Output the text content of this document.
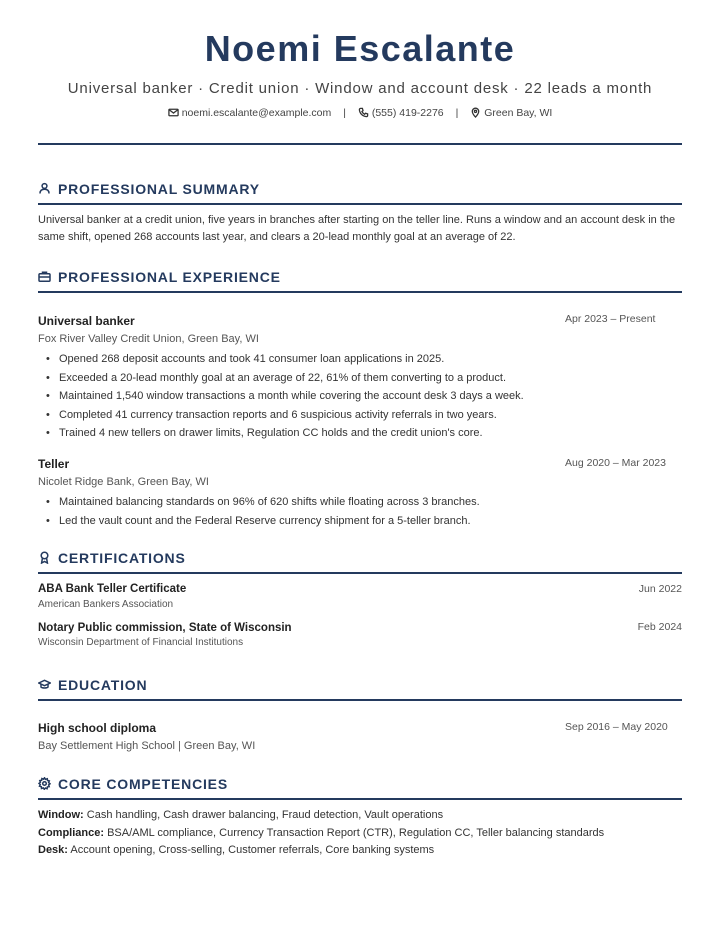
Noemi Escalante
Universal banker · Credit union · Window and account desk · 22 leads a month
noemi.escalante@example.com | (555) 419-2276 | Green Bay, WI
PROFESSIONAL SUMMARY
Universal banker at a credit union, five years in branches after starting on the teller line. Runs a window and an account desk in the same shift, opened 268 accounts last year, and clears a 20-lead monthly goal at an average of 22.
PROFESSIONAL EXPERIENCE
Universal banker	Apr 2023 – Present
Fox River Valley Credit Union, Green Bay, WI
• Opened 268 deposit accounts and took 41 consumer loan applications in 2025.
• Exceeded a 20-lead monthly goal at an average of 22, 61% of them converting to a product.
• Maintained 1,540 window transactions a month while covering the account desk 3 days a week.
• Completed 41 currency transaction reports and 6 suspicious activity referrals in two years.
• Trained 4 new tellers on drawer limits, Regulation CC holds and the credit union's core.
Teller	Aug 2020 – Mar 2023
Nicolet Ridge Bank, Green Bay, WI
• Maintained balancing standards on 96% of 620 shifts while floating across 3 branches.
• Led the vault count and the Federal Reserve currency shipment for a 5-teller branch.
CERTIFICATIONS
ABA Bank Teller Certificate	Jun 2022
American Bankers Association
Notary Public commission, State of Wisconsin	Feb 2024
Wisconsin Department of Financial Institutions
EDUCATION
High school diploma	Sep 2016 – May 2020
Bay Settlement High School | Green Bay, WI
CORE COMPETENCIES
Window: Cash handling, Cash drawer balancing, Fraud detection, Vault operations
Compliance: BSA/AML compliance, Currency Transaction Report (CTR), Regulation CC, Teller balancing standards
Desk: Account opening, Cross-selling, Customer referrals, Core banking systems
